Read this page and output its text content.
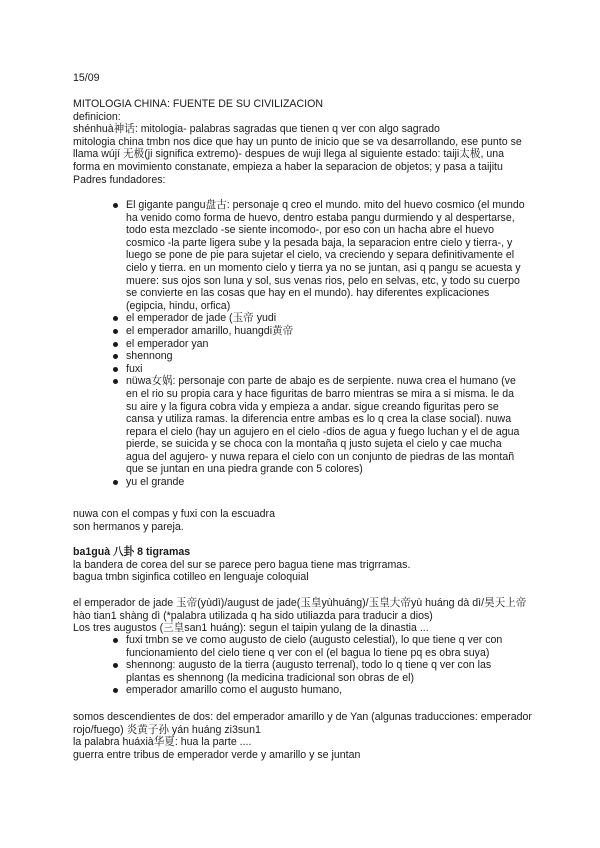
15/09

MITOLOGIA CHINA: FUENTE DE SU CIVILIZACION

definicion:

shénhuà神话: mitologia- palabras sagradas que tienen q ver con algo sagrado

mitologia china tmbn nos dice que hay un punto de inicio que se va desarrollando, ese punto se llama wújí 无极(ji significa extremo)- despues de wuji llega al siguiente estado: taiji太极, una forma en movimiento constanate, empieza a haber la separacion de objetos; y pasa a taijitu

Padres fundadores:

El gigante pangu盘古: personaje q creo el mundo. mito del huevo cosmico (el mundo ha venido como forma de huevo, dentro estaba pangu durmiendo y al despertarse, todo esta mezclado -se siente incomodo-, por eso con un hacha abre el huevo cosmico -la parte ligera sube y la pesada baja, la separacion entre cielo y tierra-, y luego se pone de pie para sujetar el cielo, va creciendo y separa definitivamente el cielo y tierra. en un momento cielo y tierra ya no se juntan, asi q pangu se acuesta y muere: sus ojos son luna y sol, sus venas rios, pelo en selvas, etc, y todo su cuerpo se convierte en las cosas que hay en el mundo). hay diferentes explicaciones (egipcia, hindu, orfica)
el emperador de jade (玉帝 yudi
el emperador amarillo, huangdi黄帝
el emperador yan
shennong
fuxi
nüwa女娲: personaje con parte de abajo es de serpiente. nuwa crea el humano (ve en el rio su propia cara y hace figuritas de barro mientras se mira a si misma. le da su aire y la figura cobra vida y empieza a andar. sigue creando figuritas pero se cansa y utiliza ramas. la diferencia entre ambas es lo q crea la clase social). nuwa repara el cielo (hay un agujero en el cielo -dios de agua y fuego luchan y el de agua pierde, se suicida y se choca con la montaña q justo sujeta el cielo y cae mucha agua del agujero- y nuwa repara el cielo con un conjunto de piedras de las montañ que se juntan en una piedra grande con 5 colores)
yu el grande

nuwa con el compas y fuxi con la escuadra

son hermanos y pareja.

ba1guà 八卦 8 tigramas

la bandera de corea del sur se parece pero bagua tiene mas trigrramas.

bagua tmbn siginfica cotilleo en lenguaje coloquial

el emperador de jade 玉帝(yùdì)/august de jade(玉皇yùhuáng)/玉皇大帝yù huáng dà dì/昊天上帝hào tian1 shàng dì (*palabra utilizada q ha sido utiliazda para traducir a dios)

Los tres augustos (三皇san1 huáng): segun el taipin yulang de la dinastia ...

fuxi tmbn se ve como augusto de cielo (augusto celestial), lo que tiene q ver con funcionamiento del cielo tiene q ver con el (el bagua lo tiene pq es obra suya)
shennong: augusto de la tierra (augusto terrenal), todo lo q tiene q ver con las plantas es shennong (la medicina tradicional son obras de el)
emperador amarillo como el augusto humano,

somos descendientes de dos: del emperador amarillo y de Yan (algunas traducciones: emperador rojo/fuego) 炎黄子孙 yán huáng zi3sun1

la palabra huáxià华夏: hua la parte ....

guerra entre tribus de emperador verde y amarillo y se juntan
